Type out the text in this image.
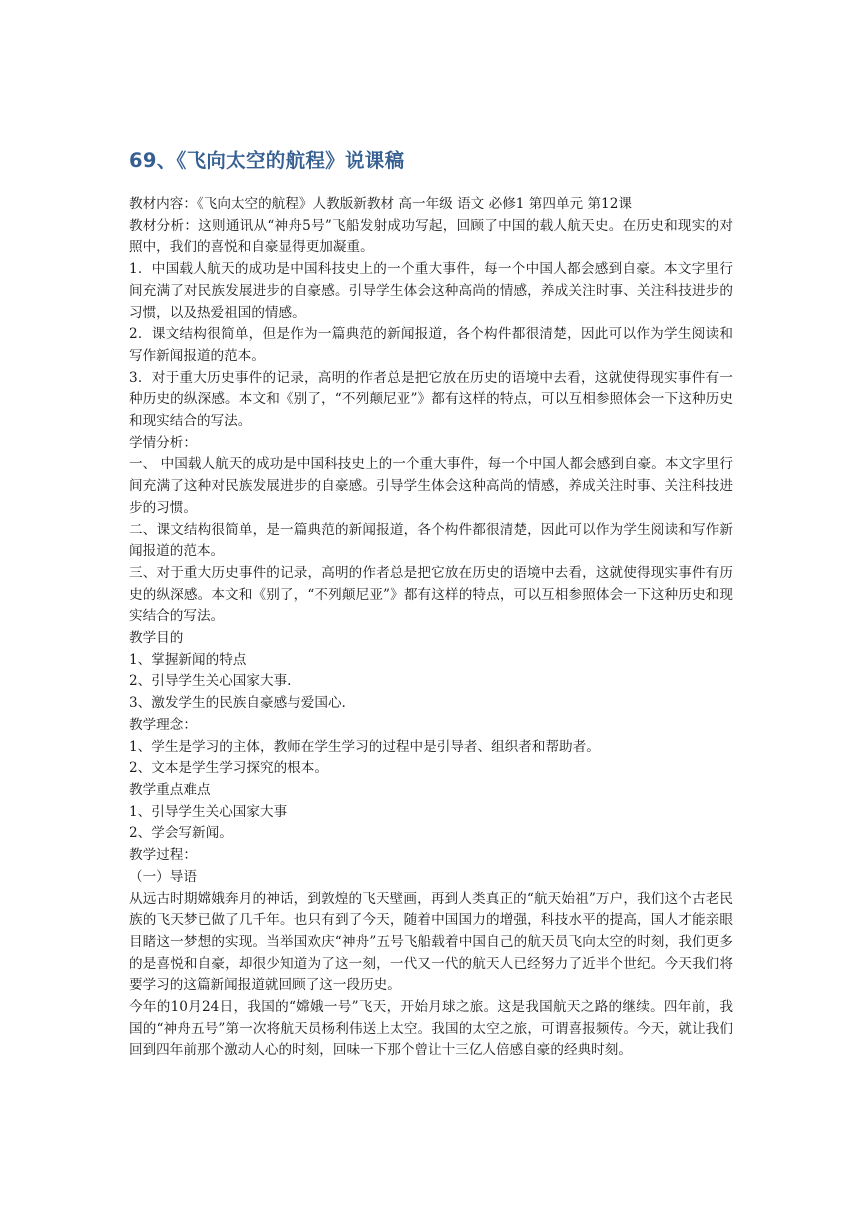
69、《飞向太空的航程》说课稿

教材内容：《飞向太空的航程》人教版新教材 高一年级 语文 必修1 第四单元 第12课

教材分析：这则通讯从“神舟5号”飞船发射成功写起，回顾了中国的载人航天史。在历史和现实的对照中，我们的喜悦和自豪显得更加凝重。

1．中国载人航天的成功是中国科技史上的一个重大事件，每一个中国人都会感到自豪。本文字里行间充满了对民族发展进步的自豪感。引导学生体会这种高尚的情感，养成关注时事、关注科技进步的习惯，以及热爱祖国的情感。

2．课文结构很简单，但是作为一篇典范的新闻报道，各个构件都很清楚，因此可以作为学生阅读和写作新闻报道的范本。

3．对于重大历史事件的记录，高明的作者总是把它放在历史的语境中去看，这就使得现实事件有一种历史的纵深感。本文和《别了，“不列颠尼亚”》都有这样的特点，可以互相参照体会一下这种历史和现实结合的写法。

学情分析：

一、 中国载人航天的成功是中国科技史上的一个重大事件，每一个中国人都会感到自豪。本文字里行间充满了这种对民族发展进步的自豪感。引导学生体会这种高尚的情感，养成关注时事、关注科技进步的习惯。

二、课文结构很简单，是一篇典范的新闻报道，各个构件都很清楚，因此可以作为学生阅读和写作新闻报道的范本。

三、对于重大历史事件的记录，高明的作者总是把它放在历史的语境中去看，这就使得现实事件有历史的纵深感。本文和《别了，“不列颠尼亚”》都有这样的特点，可以互相参照体会一下这种历史和现实结合的写法。

教学目的

1、掌握新闻的特点

2、引导学生关心国家大事.

3、激发学生的民族自豪感与爱国心.

教学理念：

1、学生是学习的主体，教师在学生学习的过程中是引导者、组织者和帮助者。

2、文本是学生学习探究的根本。

教学重点难点

1、引导学生关心国家大事

2、学会写新闻。

教学过程：

（一）导语

从远古时期嫦娥奔月的神话，到敦煌的飞天壁画，再到人类真正的“航天始祖”万户，我们这个古老民族的飞天梦已做了几千年。也只有到了今天，随着中国国力的增强，科技水平的提高，国人才能亲眼目睹这一梦想的实现。当举国欢庆“神舟”五号飞船载着中国自己的航天员飞向太空的时刻，我们更多的是喜悦和自豪，却很少知道为了这一刻，一代又一代的航天人已经努力了近半个世纪。今天我们将要学习的这篇新闻报道就回顾了这一段历史。

今年的10月24日，我国的“嫦娥一号”飞天，开始月球之旅。这是我国航天之路的继续。四年前，我国的“神舟五号”第一次将航天员杨利伟送上太空。我国的太空之旅，可谓喜报频传。今天，就让我们回到四年前那个激动人心的时刻，回味一下那个曾让十三亿人倍感自豪的经典时刻。
